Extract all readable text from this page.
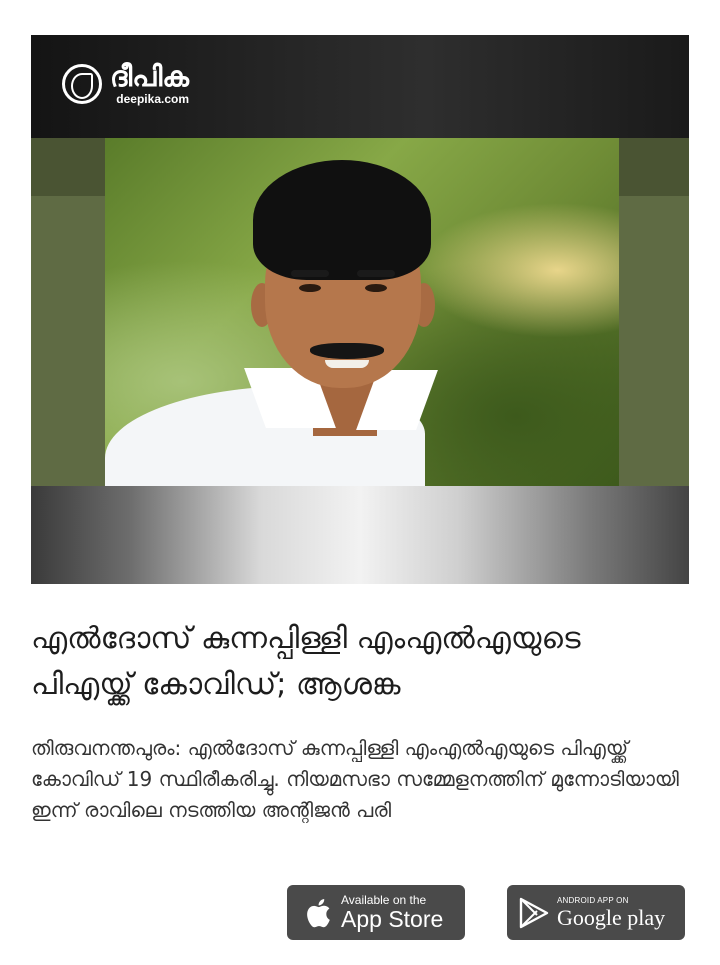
ദീപിക
deepika.com
എൽദോസ് കുന്നപ്പിള്ളി എംഎൽഎയുടെ പിഎയ്ക്ക് കോവിഡ്; ആശങ്ക

തിരുവനന്തപുരം: എൽദോസ് കുന്നപ്പിള്ളി എംഎൽഎയുടെ പിഎയ്ക്ക് കോവിഡ് 19 സ്ഥിരീകരിച്ചു. നിയമസഭാ സമ്മേളനത്തിന് മുന്നോടിയായി ഇന്ന് രാവിലെ നടത്തിയ അന്റിജൻ പരി

Available on the
App Store
ANDROID APP ON
Google play
